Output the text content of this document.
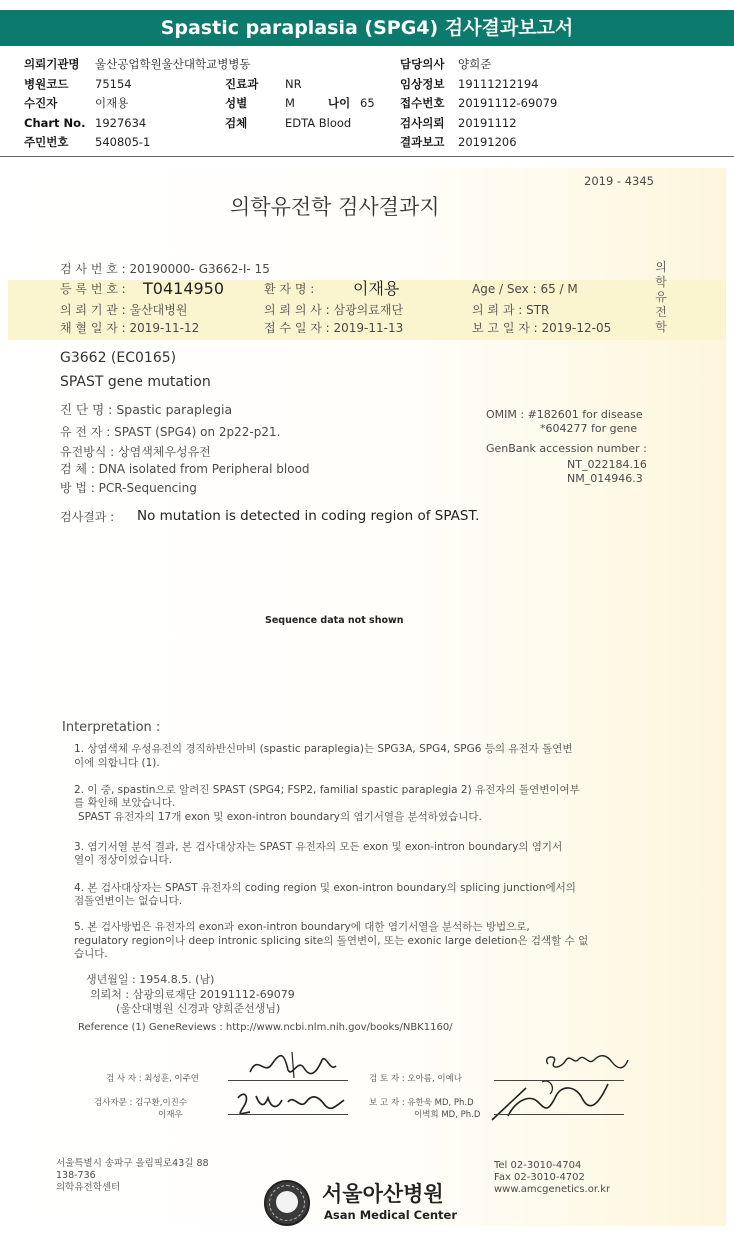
Spastic paraplasia (SPG4) 검사결과보고서
의뢰기관명 울산공업학원울산대학교병병동	담당의사 양희준
병원코드 75154	진료과 NR	임상정보 19111212194
수진자	이재용	성별	M	나이 65 접수번호 20191112-69079
Chart No. 1927634	검체	EDTA Blood	검사의뢰 20191112
주민번호 540805-1	결과보고 20191206
2019 - 4345
의학유전학 검사결과지
검 사 번 호 : 20190000- G3662-I- 15
등 록 번 호 : T0414950	환 자 명 : 이재용	Age / Sex : 65 / M
의 뢰 기 관 : 울산대병원	의 뢰 의 사 : 삼광의료재단	의 뢰 과 : STR
채 혈 일 자 : 2019-11-12	접 수 일 자 : 2019-11-13	보 고 일 자 : 2019-12-05
의
학
유
전
학
G3662 (EC0165)
SPAST gene mutation
진 단 명 : Spastic paraplegia
유 전 자 : SPAST (SPG4) on 2p22-p21.
유전방식 : 상염색체우성유전
검 체 : DNA isolated from Peripheral blood
방 법 : PCR-Sequencing
OMIM : #182601 for disease
*604277 for gene
GenBank accession number :
NT_022184.16
NM_014946.3
검사결과 : No mutation is detected in coding region of SPAST.
Sequence data not shown
Interpretation :
1. 상염색체 우성유전의 경직하반신마비 (spastic paraplegia)는 SPG3A, SPG4, SPG6 등의 유전자 돌연변
이에 의합니다 (1).
2. 이 중, spastin으로 알려진 SPAST (SPG4; FSP2, familial spastic paraplegia 2) 유전자의 돌연변이여부
를 확인해 보았습니다.
SPAST 유전자의 17개 exon 및 exon-intron boundary의 염기서열을 분석하였습니다.
3. 염기서열 분석 결과, 본 검사대상자는 SPAST 유전자의 모든 exon 및 exon-intron boundary의 염기서
열이 정상이었습니다.
4. 본 검사대상자는 SPAST 유전자의 coding region 및 exon-intron boundary의 splicing junction에서의
점돌연변이는 없습니다.
5. 본 검사방법은 유전자의 exon과 exon-intron boundary에 대한 염기서열을 분석하는 방법으로,
regulatory region이나 deep intronic splicing site의 돌연변이, 또는 exonic large deletion은 검색할 수 없
습니다.
생년월일 : 1954.8.5. (남)
의뢰처 : 삼광의료재단 20191112-69079
(울산대병원 신경과 양희준선생님)
Reference (1) GeneReviews : http://www.ncbi.nlm.nih.gov/books/NBK1160/
검 사 자 : 최성훈, 이주연
검사자문 : 김구환,이진수
이재우
검 토 자 : 오아름, 이예나
보 고 자 : 유한욱 MD, Ph.D
이벽희 MD, Ph.D
서울특별시 송파구 올림픽로43길 88
138-736
의학유전학센터	서울아산병원
Asan Medical Center
Tel 02-3010-4704
Fax 02-3010-4702
www.amcgenetics.or.kr
